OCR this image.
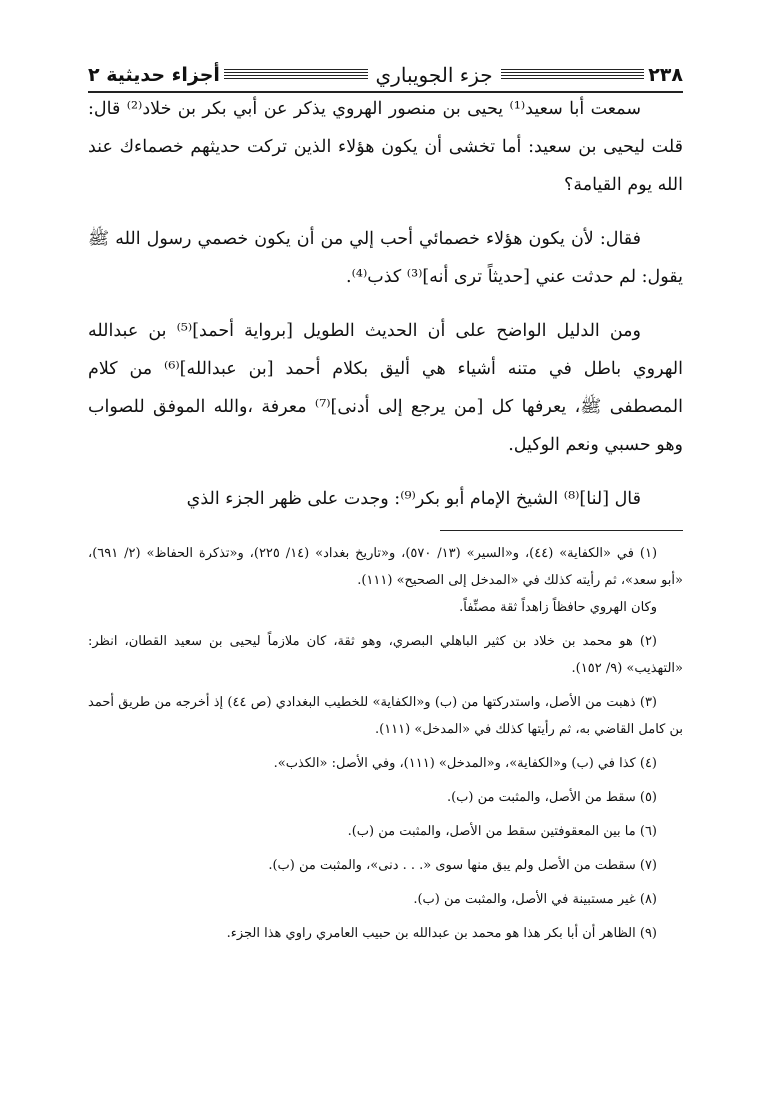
٢٣٨
جزء الجويباري
أجزاء حديثية ٢

سمعت أبا سعيد⁽¹⁾ يحيى بن منصور الهروي يذكر عن أبي بكر بن خلاد⁽²⁾ قال: قلت ليحيى بن سعيد: أما تخشى أن يكون هؤلاء الذين تركت حديثهم خصماءك عند الله يوم القيامة؟

فقال: لأن يكون هؤلاء خصمائي أحب إلي من أن يكون خصمي رسول الله ﷺ يقول: لم حدثت عني [حديثاً ترى أنه]⁽³⁾ كذب⁽⁴⁾.

ومن الدليل الواضح على أن الحديث الطويل [برواية أحمد]⁽⁵⁾ بن عبدالله الهروي باطل في متنه أشياء هي أليق بكلام أحمد [بن عبدالله]⁽⁶⁾ من كلام المصطفى ﷺ، يعرفها كل [من يرجع إلى أدنى]⁽⁷⁾ معرفة ،والله الموفق للصواب وهو حسبي ونعم الوكيل.

قال [لنا]⁽⁸⁾ الشيخ الإمام أبو بكر⁽⁹⁾: وجدت على ظهر الجزء الذي

(١) في «الكفاية» (٤٤)، و«السير» (١٣/ ٥٧٠)، و«تاريخ بغداد» (١٤/ ٢٢٥)، و«تذكرة الحفاظ» (٢/ ٦٩١)، «أبو سعد»، ثم رأيته كذلك في «المدخل إلى الصحيح» (١١١).

وكان الهروي حافظاً زاهداً ثقة مصنِّفاً.

(٢) هو محمد بن خلاد بن كثير الباهلي البصري، وهو ثقة، كان ملازماً ليحيى بن سعيد القطان، انظر: «التهذيب» (٩/ ١٥٢).

(٣) ذهبت من الأصل، واستدركتها من (ب) و«الكفاية» للخطيب البغدادي (ص ٤٤) إذ أخرجه من طريق أحمد بن كامل القاضي به، ثم رأيتها كذلك في «المدخل» (١١١).

(٤) كذا في (ب) و«الكفاية»، و«المدخل» (١١١)، وفي الأصل: «الكذب».

(٥) سقط من الأصل، والمثبت من (ب).

(٦) ما بين المعقوفتين سقط من الأصل، والمثبت من (ب).

(٧) سقطت من الأصل ولم يبق منها سوى «. . . دنى»، والمثبت من (ب).

(٨) غير مستبينة في الأصل، والمثبت من (ب).

(٩) الظاهر أن أبا بكر هذا هو محمد بن عبدالله بن حبيب العامري راوي هذا الجزء.
